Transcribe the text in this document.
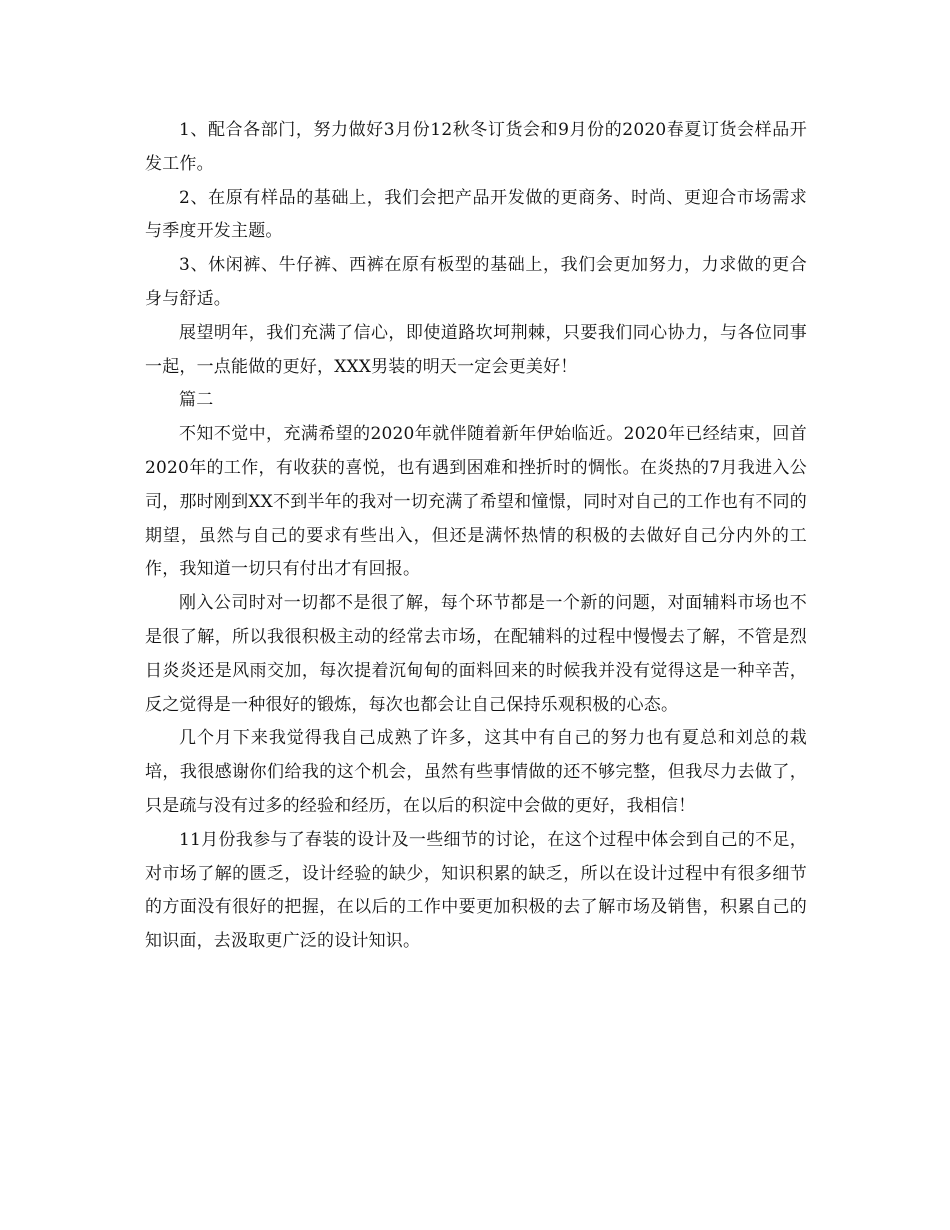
1、配合各部门，努力做好3月份12秋冬订货会和9月份的2020春夏订货会样品开发工作。

2、在原有样品的基础上，我们会把产品开发做的更商务、时尚、更迎合市场需求与季度开发主题。

3、休闲裤、牛仔裤、西裤在原有板型的基础上，我们会更加努力，力求做的更合身与舒适。

展望明年，我们充满了信心，即使道路坎坷荆棘，只要我们同心协力，与各位同事一起，一点能做的更好，XXX男装的明天一定会更美好！

篇二

不知不觉中，充满希望的2020年就伴随着新年伊始临近。2020年已经结束，回首2020年的工作，有收获的喜悦，也有遇到困难和挫折时的惆怅。在炎热的7月我进入公司，那时刚到XX不到半年的我对一切充满了希望和憧憬，同时对自己的工作也有不同的期望，虽然与自己的要求有些出入，但还是满怀热情的积极的去做好自己分内外的工作，我知道一切只有付出才有回报。

刚入公司时对一切都不是很了解，每个环节都是一个新的问题，对面辅料市场也不是很了解，所以我很积极主动的经常去市场，在配辅料的过程中慢慢去了解，不管是烈日炎炎还是风雨交加，每次提着沉甸甸的面料回来的时候我并没有觉得这是一种辛苦，反之觉得是一种很好的锻炼，每次也都会让自己保持乐观积极的心态。

几个月下来我觉得我自己成熟了许多，这其中有自己的努力也有夏总和刘总的栽培，我很感谢你们给我的这个机会，虽然有些事情做的还不够完整，但我尽力去做了，只是疏与没有过多的经验和经历，在以后的积淀中会做的更好，我相信！

11月份我参与了春装的设计及一些细节的讨论，在这个过程中体会到自己的不足，对市场了解的匮乏，设计经验的缺少，知识积累的缺乏，所以在设计过程中有很多细节的方面没有很好的把握，在以后的工作中要更加积极的去了解市场及销售，积累自己的知识面，去汲取更广泛的设计知识。
